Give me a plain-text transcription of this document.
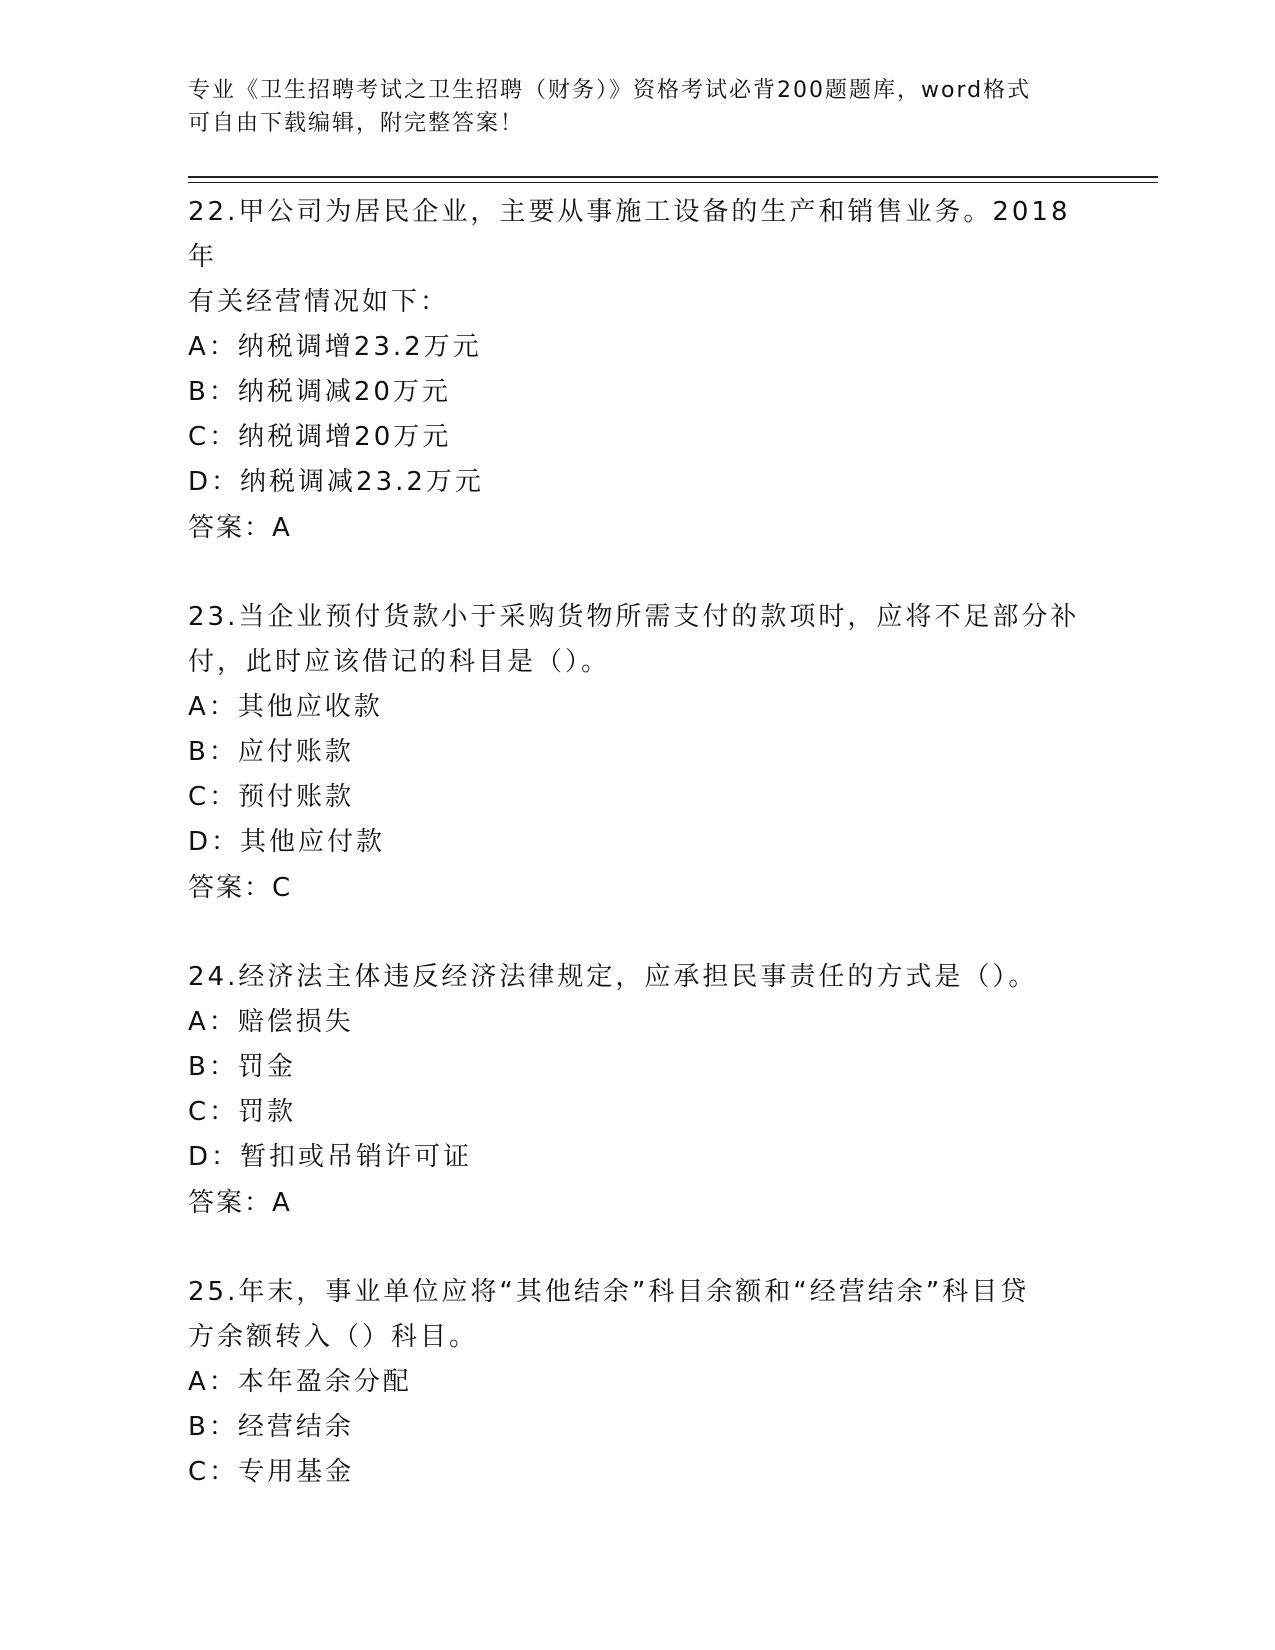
专业《卫生招聘考试之卫生招聘（财务）》资格考试必背200题题库，word格式
可自由下载编辑，附完整答案！

22.甲公司为居民企业，主要从事施工设备的生产和销售业务。2018年

有关经营情况如下：

A：纳税调增23.2万元

B：纳税调减20万元

C：纳税调增20万元

D：纳税调减23.2万元

答案：A

23.当企业预付货款小于采购货物所需支付的款项时，应将不足部分补

付，此时应该借记的科目是（）。

A：其他应收款

B：应付账款

C：预付账款

D：其他应付款

答案：C

24.经济法主体违反经济法律规定，应承担民事责任的方式是（）。

A：赔偿损失

B：罚金

C：罚款

D：暂扣或吊销许可证

答案：A

25.年末，事业单位应将“其他结余”科目余额和“经营结余”科目贷

方余额转入（）科目。

A：本年盈余分配

B：经营结余

C：专用基金
